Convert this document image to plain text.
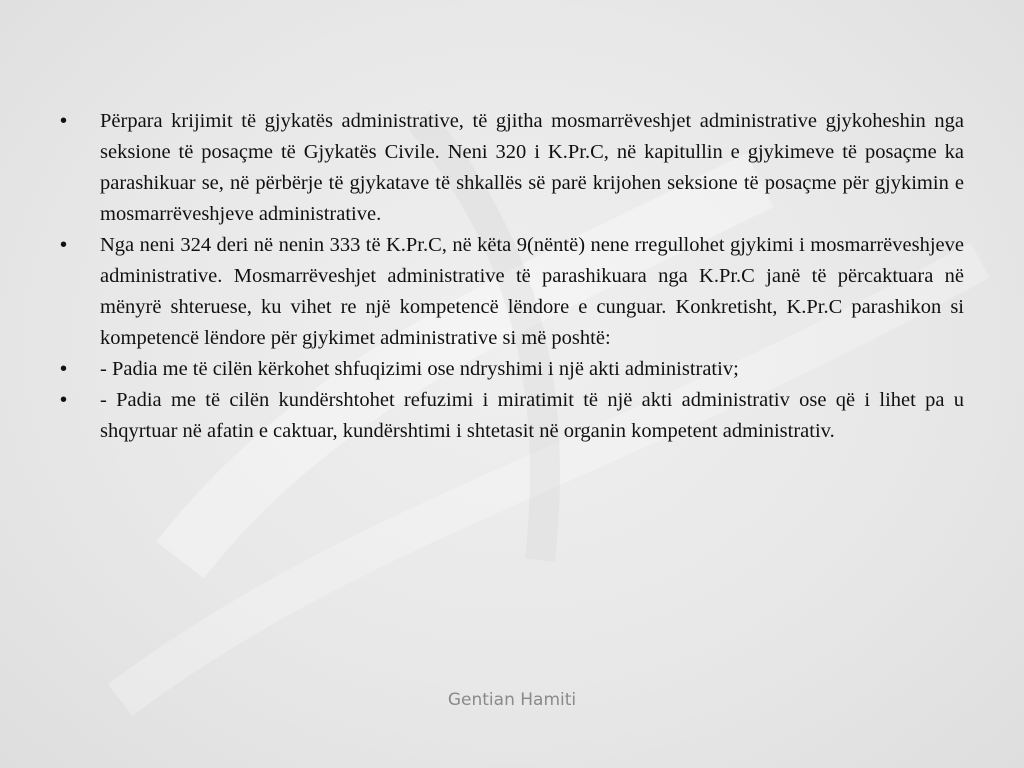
• Përpara krijimit të gjykatës administrative, të gjitha mosmarrëveshjet administrative gjykoheshin nga seksione të posaçme të Gjykatës Civile. Neni 320 i K.Pr.C, në kapitullin e gjykimeve të posaçme ka parashikuar se, në përbërje të gjykatave të shkallës së parë krijohen seksione të posaçme për gjykimin e mosmarrëveshjeve administrative.

• Nga neni 324 deri në nenin 333 të K.Pr.C, në këta 9(nëntë) nene rregullohet gjykimi i mosmarrëveshjeve administrative. Mosmarrëveshjet administrative të parashikuara nga K.Pr.C janë të përcaktuara në mënyrë shteruese, ku vihet re një kompetencë lëndore e cunguar. Konkretisht, K.Pr.C parashikon si kompetencë lëndore për gjykimet administrative si më poshtë:

• - Padia me të cilën kërkohet shfuqizimi ose ndryshimi i një akti administrativ;

• - Padia me të cilën kundërshtohet refuzimi i miratimit të një akti administrativ ose që i lihet pa u shqyrtuar në afatin e caktuar, kundërshtimi i shtetasit në organin kompetent administrativ.

Gentian Hamiti
